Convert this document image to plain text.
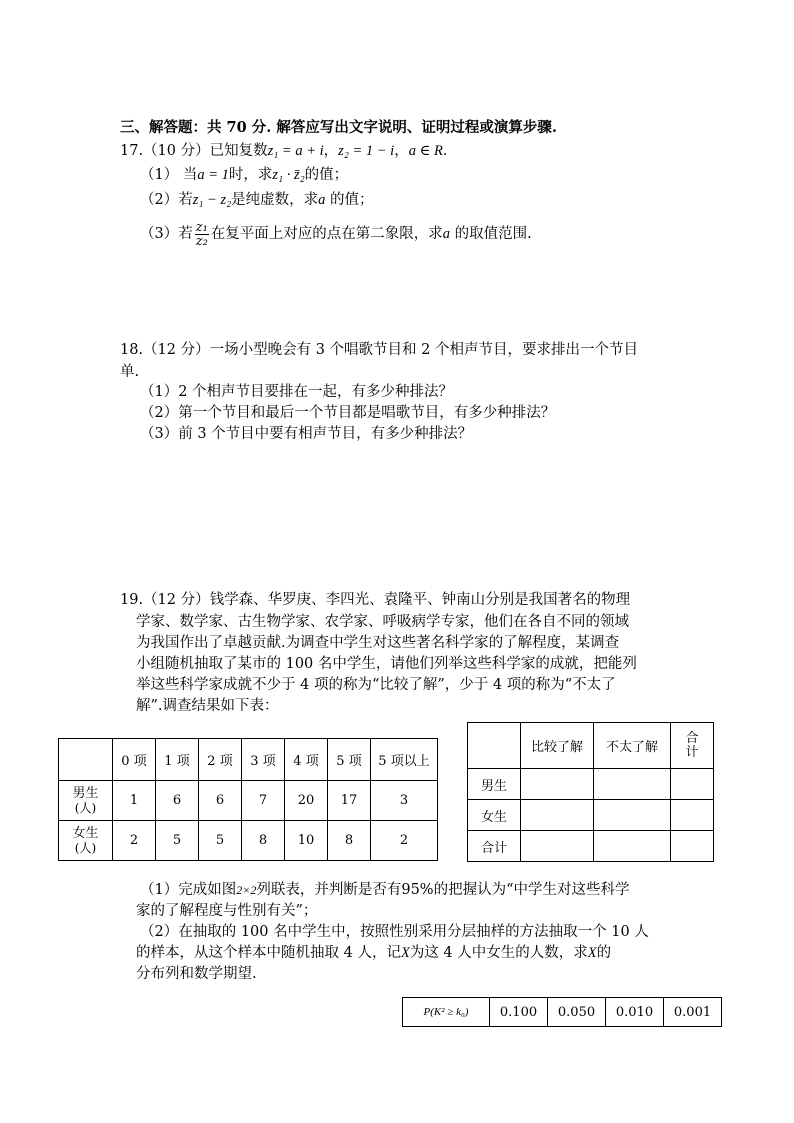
三、解答题：共 70 分. 解答应写出文字说明、证明过程或演算步骤.
17.（10 分）已知复数z₁ = a + i，z₂ = 1 − i，a ∈ R．
（1） 当a = 1时，求z₁ · z̄₂的值；
（2）若z₁ − z₂是纯虚数，求a 的值；
（3）若 $\frac{\text{z₁}}{\text{z₂}}$ 在复平面上对应的点在第二象限，求a 的取值范围.
18.（12 分）一场小型晚会有 3 个唱歌节目和 2 个相声节目，要求排出一个节目
单.
（1）2 个相声节目要排在一起，有多少种排法？
（2）第一个节目和最后一个节目都是唱歌节目，有多少种排法？
（3）前 3 个节目中要有相声节目，有多少种排法？
19.（12 分）钱学森、华罗庚、李四光、袁隆平、钟南山分别是我国著名的物理
学家、数学家、古生物学家、农学家、呼吸病学专家，他们在各自不同的领域
为我国作出了卓越贡献.为调查中学生对这些著名科学家的了解程度，某调查
小组随机抽取了某市的 100 名中学生，请他们列举这些科学家的成就，把能列
举这些科学家成就不少于 4 项的称为“比较了解”，少于 4 项的称为“不太了
解”.调查结果如下表：
	0 项	1 项	2 项	3 项	4 项	5 项	5 项以上

男生
(人)	1	6	6	7	20	17	3

女生
(人)	2	5	5	8	10	8	2
	比较了解	不太了解	合计
男生			
女生			
合计			
（1）完成如图2×2列联表，并判断是否有95%的把握认为“中学生对这些科学
家的了解程度与性别有关”；
（2）在抽取的 100 名中学生中，按照性别采用分层抽样的方法抽取一个 10 人
的样本，从这个样本中随机抽取 4 人，记X为这 4 人中女生的人数，求X的
分布列和数学期望.
P(K² ≥ k₀)	0.100	0.050	0.010	0.001
